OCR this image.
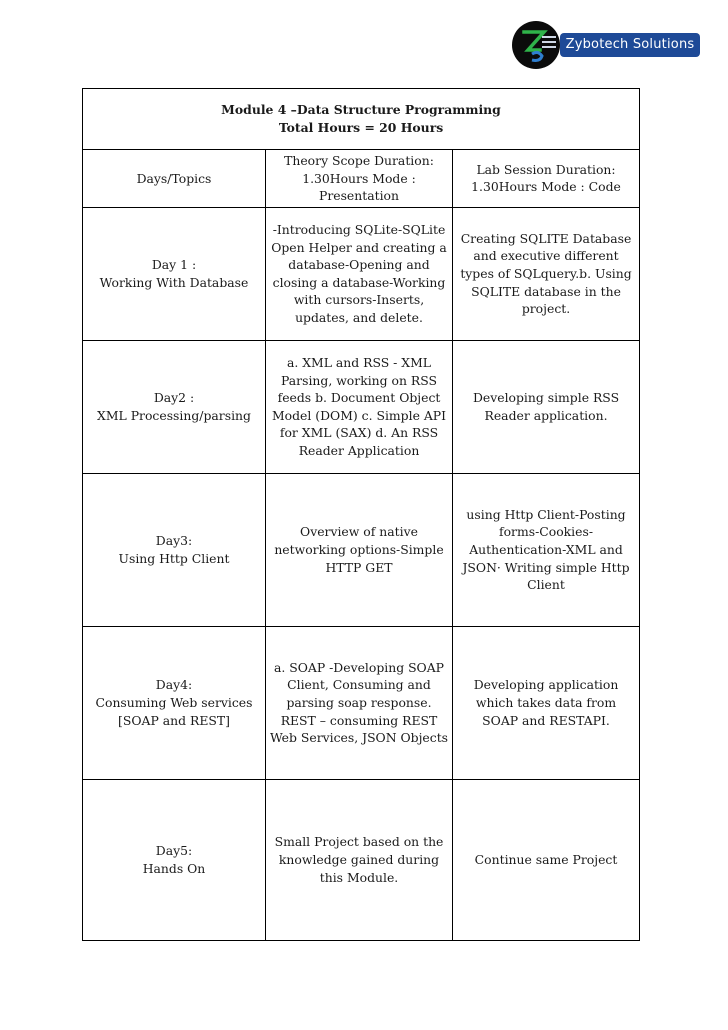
Zybotech Solutions
Module 4 –Data Structure Programming
Total Hours = 20 Hours		

Days/Topics	Theory Scope Duration: 1.30Hours Mode : Presentation	Lab Session Duration: 1.30Hours Mode : Code

Day 1 :
Working With Database	-Introducing SQLite-SQLite Open Helper and creating a database-Opening and closing a database-Working with cursors-Inserts, updates, and delete.	Creating SQLITE Database and executive different types of SQLquery.b. Using SQLITE database in the project.

Day2 :
XML Processing/parsing	a. XML and RSS - XML Parsing, working on RSS feeds b. Document Object Model (DOM) c. Simple API for XML (SAX) d. An RSS Reader Application	Developing simple RSS Reader application.

Day3:
Using Http Client	Overview of native networking options-Simple HTTP GET	using Http Client-Posting forms-Cookies-Authentication-XML and JSON· Writing simple Http Client

Day4:
Consuming Web services [SOAP and REST]	a. SOAP -Developing SOAP Client, Consuming and parsing soap response. REST – consuming REST Web Services, JSON Objects	Developing application which takes data from SOAP and RESTAPI.

Day5:
Hands On	Small Project based on the knowledge gained during this Module.	Continue same Project
